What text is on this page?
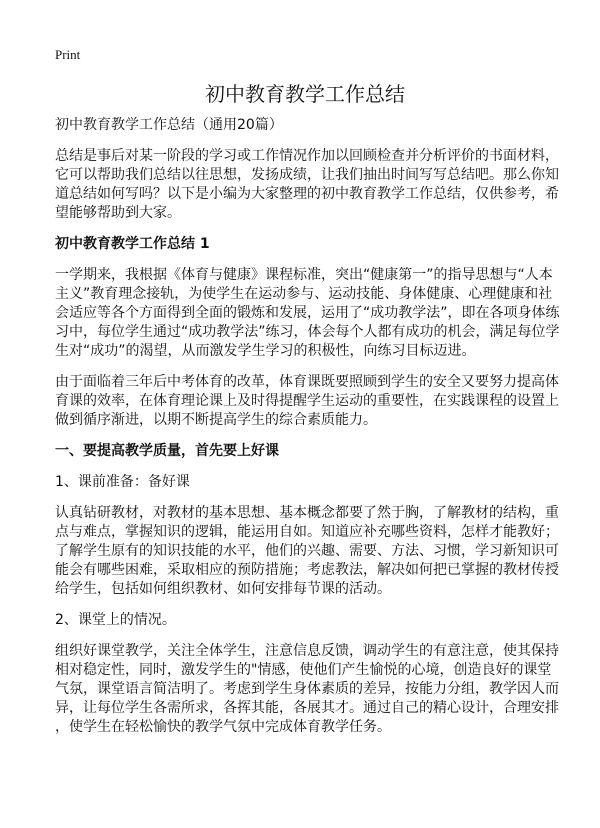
Print
初中教育教学工作总结
初中教育教学工作总结（通用20篇）
总结是事后对某一阶段的学习或工作情况作加以回顾检查并分析评价的书面材料，
它可以帮助我们总结以往思想，发扬成绩，让我们抽出时间写写总结吧。那么你知
道总结如何写吗？以下是小编为大家整理的初中教育教学工作总结，仅供参考，希
望能够帮助到大家。
初中教育教学工作总结 1
一学期来，我根据《体育与健康》课程标准，突出“健康第一”的指导思想与“人本
主义”教育理念接轨，为使学生在运动参与、运动技能、身体健康、心理健康和社
会适应等各个方面得到全面的锻炼和发展，运用了“成功教学法”，即在各项身体练
习中，每位学生通过“成功教学法”练习，体会每个人都有成功的机会，满足每位学
生对“成功”的渴望，从而激发学生学习的积极性，向练习目标迈进。
由于面临着三年后中考体育的改革，体育课既要照顾到学生的安全又要努力提高体
育课的效率，在体育理论课上及时得提醒学生运动的重要性，在实践课程的设置上
做到循序渐进，以期不断提高学生的综合素质能力。
一、要提高教学质量，首先要上好课
1、课前准备：备好课
认真钻研教材，对教材的基本思想、基本概念都要了然于胸，了解教材的结构，重
点与难点，掌握知识的逻辑，能运用自如。知道应补充哪些资料，怎样才能教好；
了解学生原有的知识技能的水平，他们的兴趣、需要、方法、习惯，学习新知识可
能会有哪些困难，采取相应的预防措施；考虑教法，解决如何把已掌握的教材传授
给学生，包括如何组织教材、如何安排每节课的活动。
2、课堂上的情况。
组织好课堂教学，关注全体学生，注意信息反馈，调动学生的有意注意，使其保持
相对稳定性，同时，激发学生的"情感，使他们产生愉悦的心境，创造良好的课堂
气氛，课堂语言简洁明了。考虑到学生身体素质的差异，按能力分组，教学因人而
异，让每位学生各需所求，各挥其能，各展其才。通过自己的精心设计，合理安排
，使学生在轻松愉快的教学气氛中完成体育教学任务。
